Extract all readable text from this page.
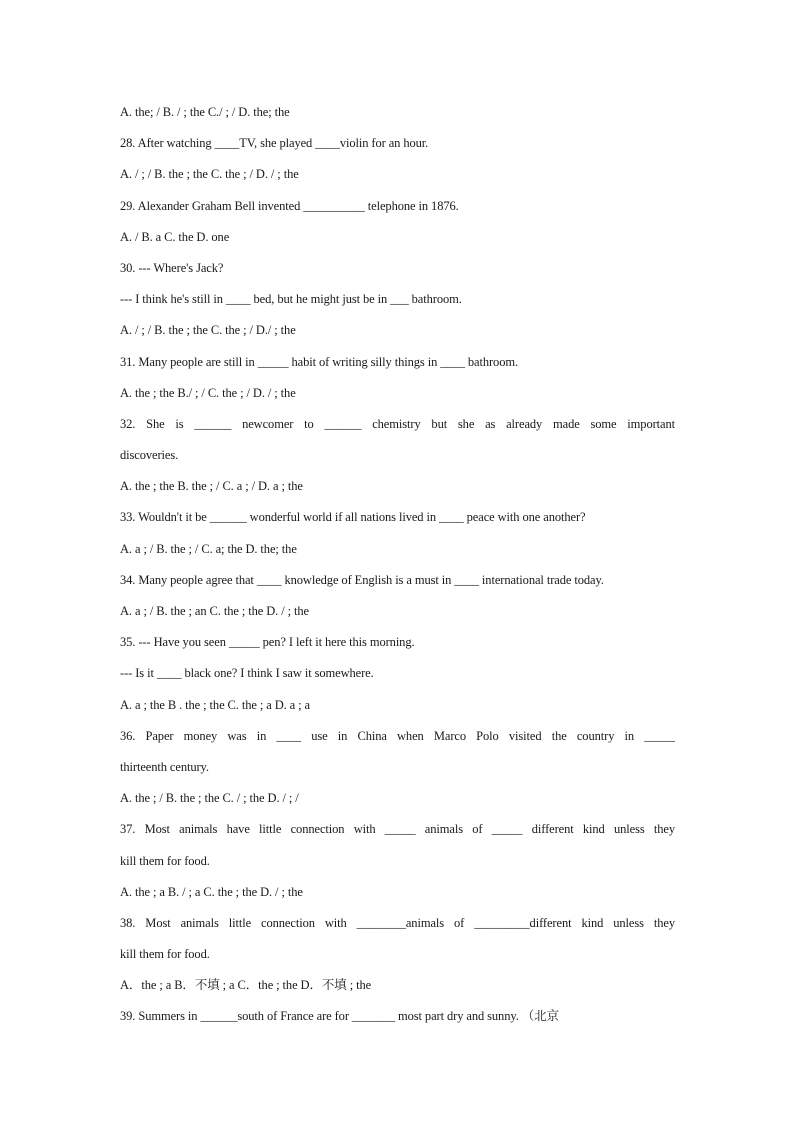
A. the; / B. / ; the C./ ; / D. the; the
28. After watching ____TV, she played ____violin for an hour.
A. / ; / B. the ; the C. the ; / D. / ; the
29. Alexander Graham Bell invented __________ telephone in 1876.
A. / B. a C. the D. one
30. --- Where's Jack?
--- I think he's still in ____ bed, but he might just be in ___ bathroom.
A. / ; / B. the ; the C. the ; / D./ ; the
31. Many people are still in _____ habit of writing silly things in ____ bathroom.
A. the ; the B./ ; / C. the ; / D. / ; the
32. She is ______ newcomer to ______ chemistry but she as already made some important
discoveries.
A. the ; the B. the ; / C. a ; / D. a ; the
33. Wouldn't it be ______ wonderful world if all nations lived in ____ peace with one another?
A. a ; / B. the ; / C. a; the D. the; the
34. Many people agree that ____ knowledge of English is a must in ____ international trade today.
A. a ; / B. the ; an C. the ; the D. / ; the
35. --- Have you seen _____ pen? I left it here this morning.
--- Is it ____ black one? I think I saw it somewhere.
A. a ; the B . the ; the C. the ; a D. a ; a
36. Paper money was in ____ use in China when Marco Polo visited the country in _____
thirteenth century.
A. the ; / B. the ; the C. / ; the D. / ; /
37. Most animals have little connection with _____ animals of _____ different kind unless they
kill them for food.
A. the ; a B. / ; a C. the ; the D. / ; the
38. Most animals little connection with ________animals of _________different kind unless they
kill them for food.
A．the ; a B．不填 ; a C．the ; the D．不填 ; the
39. Summers in ______south of France are for _______ most part dry and sunny. （北京
